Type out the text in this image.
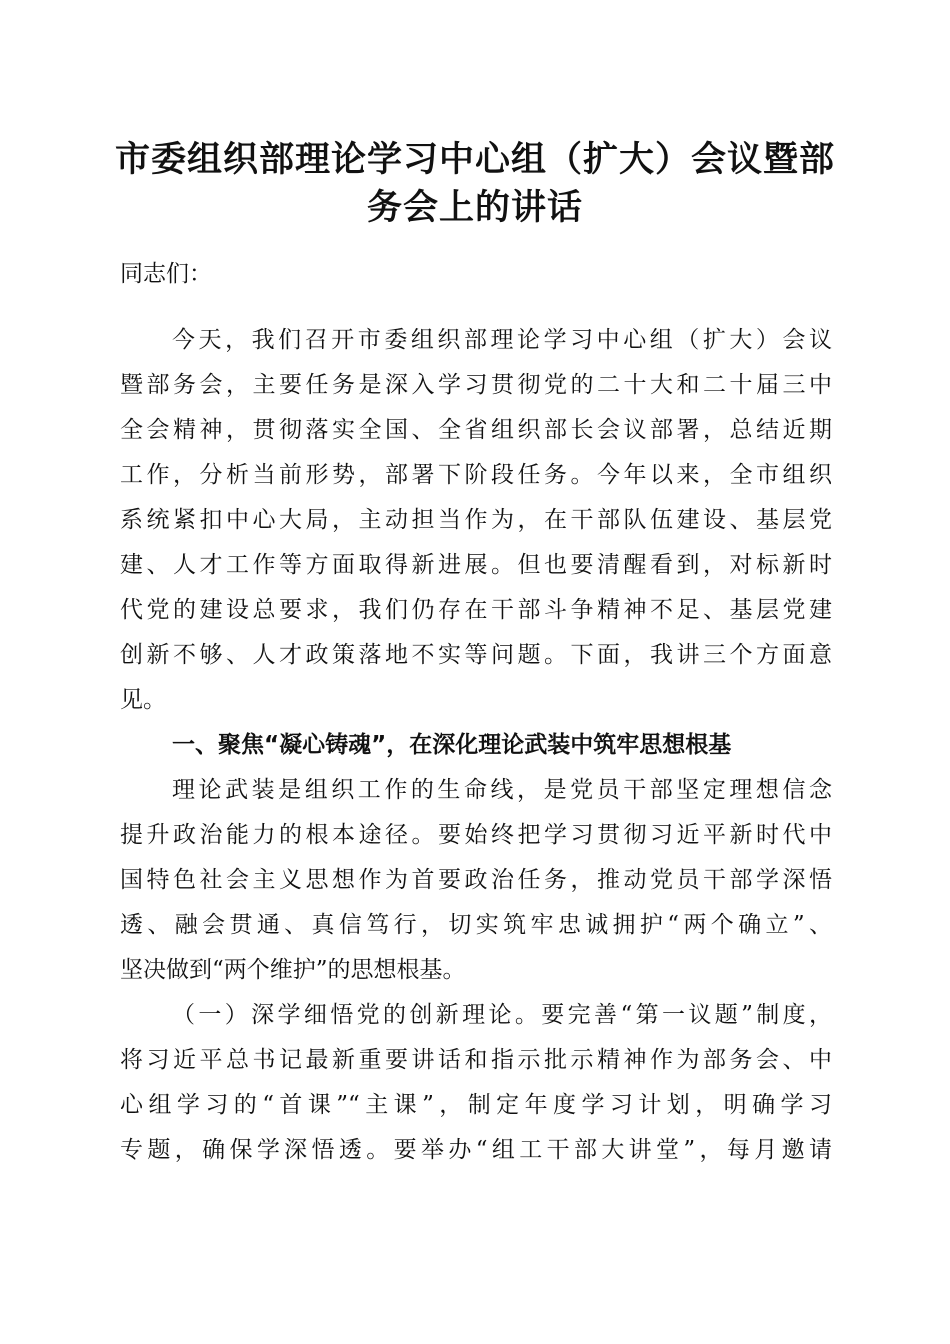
市委组织部理论学习中心组（扩大）会议暨部
务会上的讲话

同志们：

今天，我们召开市委组织部理论学习中心组（扩大）会议

暨部务会，主要任务是深入学习贯彻党的二十大和二十届三中

全会精神，贯彻落实全国、全省组织部长会议部署，总结近期

工作，分析当前形势，部署下阶段任务。今年以来，全市组织

系统紧扣中心大局，主动担当作为，在干部队伍建设、基层党

建、人才工作等方面取得新进展。但也要清醒看到，对标新时

代党的建设总要求，我们仍存在干部斗争精神不足、基层党建

创新不够、人才政策落地不实等问题。下面，我讲三个方面意

见。

一、聚焦“凝心铸魂”，在深化理论武装中筑牢思想根基

理论武装是组织工作的生命线，是党员干部坚定理想信念

提升政治能力的根本途径。要始终把学习贯彻习近平新时代中

国特色社会主义思想作为首要政治任务，推动党员干部学深悟

透、融会贯通、真信笃行，切实筑牢忠诚拥护“两个确立”、

坚决做到“两个维护”的思想根基。

（一）深学细悟党的创新理论。要完善“第一议题”制度，

将习近平总书记最新重要讲话和指示批示精神作为部务会、中

心组学习的“首课”“主课”，制定年度学习计划，明确学习

专题，确保学深悟透。要举办“组工干部大讲堂”，每月邀请
